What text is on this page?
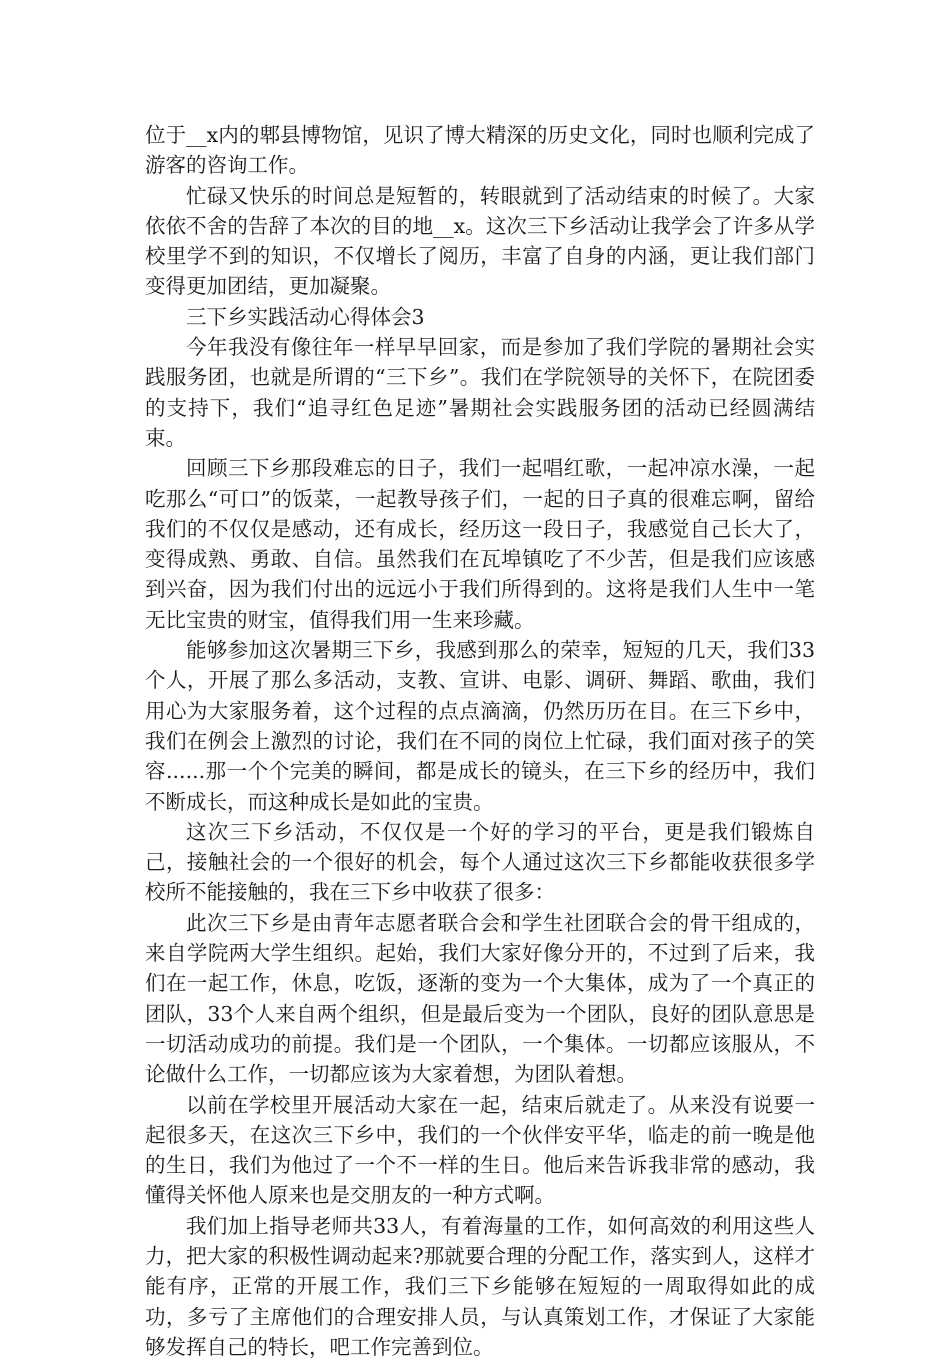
位于__x内的郫县博物馆，见识了博大精深的历史文化，同时也顺利完成了游客的咨询工作。

忙碌又快乐的时间总是短暂的，转眼就到了活动结束的时候了。大家依依不舍的告辞了本次的目的地__x。这次三下乡活动让我学会了许多从学校里学不到的知识，不仅增长了阅历，丰富了自身的内涵，更让我们部门变得更加团结，更加凝聚。

三下乡实践活动心得体会3

今年我没有像往年一样早早回家，而是参加了我们学院的暑期社会实践服务团，也就是所谓的“三下乡”。我们在学院领导的关怀下，在院团委的支持下，我们“追寻红色足迹”暑期社会实践服务团的活动已经圆满结束。

回顾三下乡那段难忘的日子，我们一起唱红歌，一起冲凉水澡，一起吃那么“可口”的饭菜，一起教导孩子们，一起的日子真的很难忘啊，留给我们的不仅仅是感动，还有成长，经历这一段日子，我感觉自己长大了，变得成熟、勇敢、自信。虽然我们在瓦埠镇吃了不少苦，但是我们应该感到兴奋，因为我们付出的远远小于我们所得到的。这将是我们人生中一笔无比宝贵的财宝，值得我们用一生来珍藏。

能够参加这次暑期三下乡，我感到那么的荣幸，短短的几天，我们33个人，开展了那么多活动，支教、宣讲、电影、调研、舞蹈、歌曲，我们用心为大家服务着，这个过程的点点滴滴，仍然历历在目。在三下乡中，我们在例会上激烈的讨论，我们在不同的岗位上忙碌，我们面对孩子的笑容......那一个个完美的瞬间，都是成长的镜头，在三下乡的经历中，我们不断成长，而这种成长是如此的宝贵。

这次三下乡活动，不仅仅是一个好的学习的平台，更是我们锻炼自己，接触社会的一个很好的机会，每个人通过这次三下乡都能收获很多学校所不能接触的，我在三下乡中收获了很多：

此次三下乡是由青年志愿者联合会和学生社团联合会的骨干组成的，来自学院两大学生组织。起始，我们大家好像分开的，不过到了后来，我们在一起工作，休息，吃饭，逐渐的变为一个大集体，成为了一个真正的团队，33个人来自两个组织，但是最后变为一个团队，良好的团队意思是一切活动成功的前提。我们是一个团队，一个集体。一切都应该服从，不论做什么工作，一切都应该为大家着想，为团队着想。

以前在学校里开展活动大家在一起，结束后就走了。从来没有说要一起很多天，在这次三下乡中，我们的一个伙伴安平华，临走的前一晚是他的生日，我们为他过了一个不一样的生日。他后来告诉我非常的感动，我懂得关怀他人原来也是交朋友的一种方式啊。

我们加上指导老师共33人，有着海量的工作，如何高效的利用这些人力，把大家的积极性调动起来?那就要合理的分配工作，落实到人，这样才能有序，正常的开展工作，我们三下乡能够在短短的一周取得如此的成功，多亏了主席他们的合理安排人员，与认真策划工作，才保证了大家能够发挥自己的特长，吧工作完善到位。
